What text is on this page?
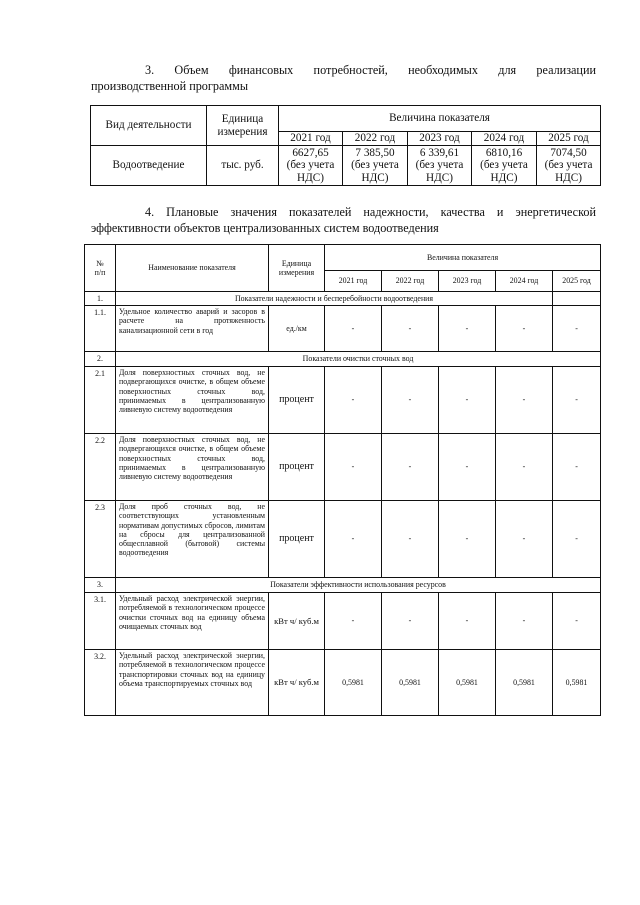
3. Объем финансовых потребностей, необходимых для реализации
производственной программы
Вид деятельности	Единица
измерения	Величина показателя				
		2021 год	2022 год	2023 год	2024 год	2025 год
Водоотведение	тыс. руб.	6627,65
(без учета
НДС)	7 385,50
(без учета
НДС)	6 339,61
(без учета
НДС)	6810,16
(без учета
НДС)	7074,50
(без учета
НДС)
4. Плановые значения показателей надежности, качества и энергетической
эффективности объектов централизованных систем водоотведения
№
п/п	Наименование показателя	Единица измерения	Величина показателя				
			2021 год	2022 год	2023 год	2024 год	2025 год
1.	Показатели надежности и бесперебойности водоотведения						
1.1.	Удельное количество аварий и засоров в расчете на протяженность канализационной сети в год	ед./км	-	-	-	-	-
2.	Показатели очистки сточных вод						
2.1	Доля поверхностных сточных вод, не подвергающихся очистке, в общем объеме поверхностных сточных вод, принимаемых в централизованную ливневую систему водоотведения	процент	-	-	-	-	-
2.2	Доля поверхностных сточных вод, не подвергающихся очистке, в общем объеме поверхностных сточных вод, принимаемых в централизованную ливневую систему водоотведения	процент	-	-	-	-	-
2.3	Доля проб сточных вод, не соответствующих установленным нормативам допустимых сбросов, лимитам на сбросы для централизованной общесплавной (бытовой) системы водоотведения	процент	-	-	-	-	-
3.	Показатели эффективности использования ресурсов						
3.1.	Удельный расход электрической энергии, потребляемой в технологическом процессе очистки сточных вод на единицу объема очищаемых сточных вод	кВт ч/ куб.м	-	-	-	-	-
3.2.	Удельный расход электрической энергии, потребляемой в технологическом процессе транспортировки сточных вод на единицу объема транспортируемых сточных вод	кВт ч/ куб.м	0,5981	0,5981	0,5981	0,5981	0,5981
